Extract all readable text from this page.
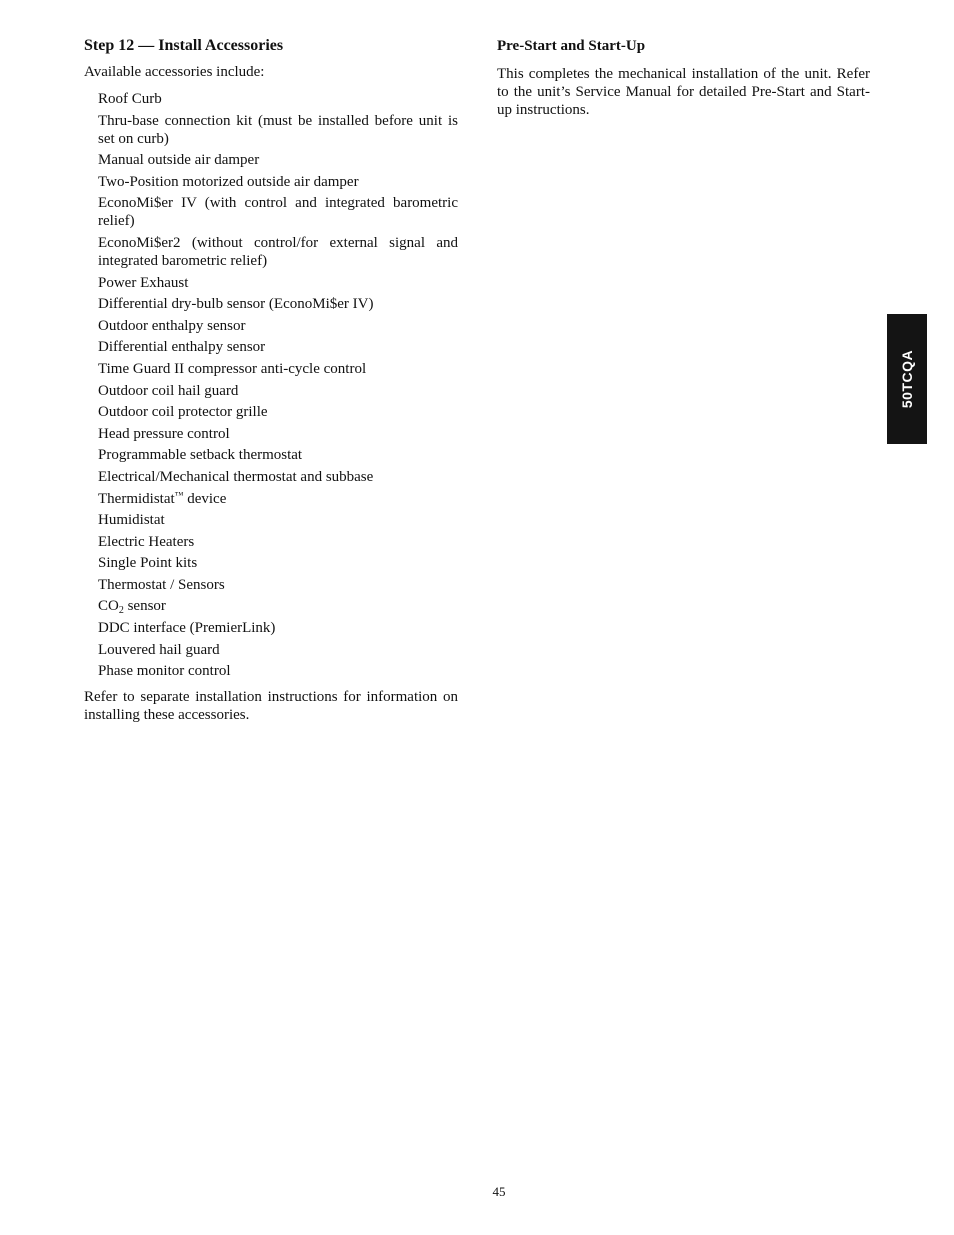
Step 12 — Install Accessories
Available accessories include:
Roof Curb
Thru-base connection kit (must be installed before unit is set on curb)
Manual outside air damper
Two-Position motorized outside air damper
EconoMi$er IV (with control and integrated barometric relief)
EconoMi$er2 (without control/for external signal and integrated barometric relief)
Power Exhaust
Differential dry-bulb sensor (EconoMi$er IV)
Outdoor enthalpy sensor
Differential enthalpy sensor
Time Guard II compressor anti-cycle control
Outdoor coil hail guard
Outdoor coil protector grille
Head pressure control
Programmable setback thermostat
Electrical/Mechanical thermostat and subbase
Thermidistat™ device
Humidistat
Electric Heaters
Single Point kits
Thermostat / Sensors
$CO_2$ sensor
DDC interface (PremierLink)
Louvered hail guard
Phase monitor control
Refer to separate installation instructions for information on installing these accessories.
Pre-Start and Start-Up

This completes the mechanical installation of the unit. Refer to the unit’s Service Manual for detailed Pre-Start and Start-up instructions.

50TCQA
45
